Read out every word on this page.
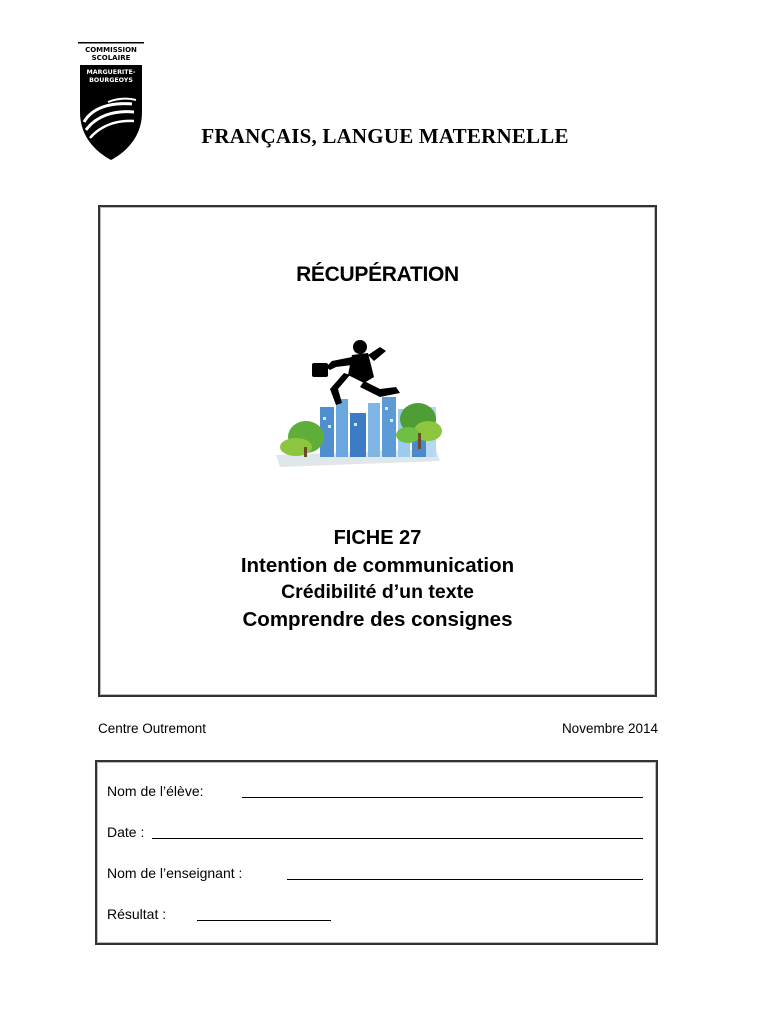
COMMISSION
SCOLAIRE
MARGUERITE-
BOURGEOYS
FRANÇAIS, LANGUE MATERNELLE
RÉCUPÉRATION
FICHE 27
Intention de communication
Crédibilité d’un texte
Comprendre des consignes
Centre Outremont	Novembre 2014
Nom de l’élève:
Date :
Nom de l’enseignant :
Résultat :
